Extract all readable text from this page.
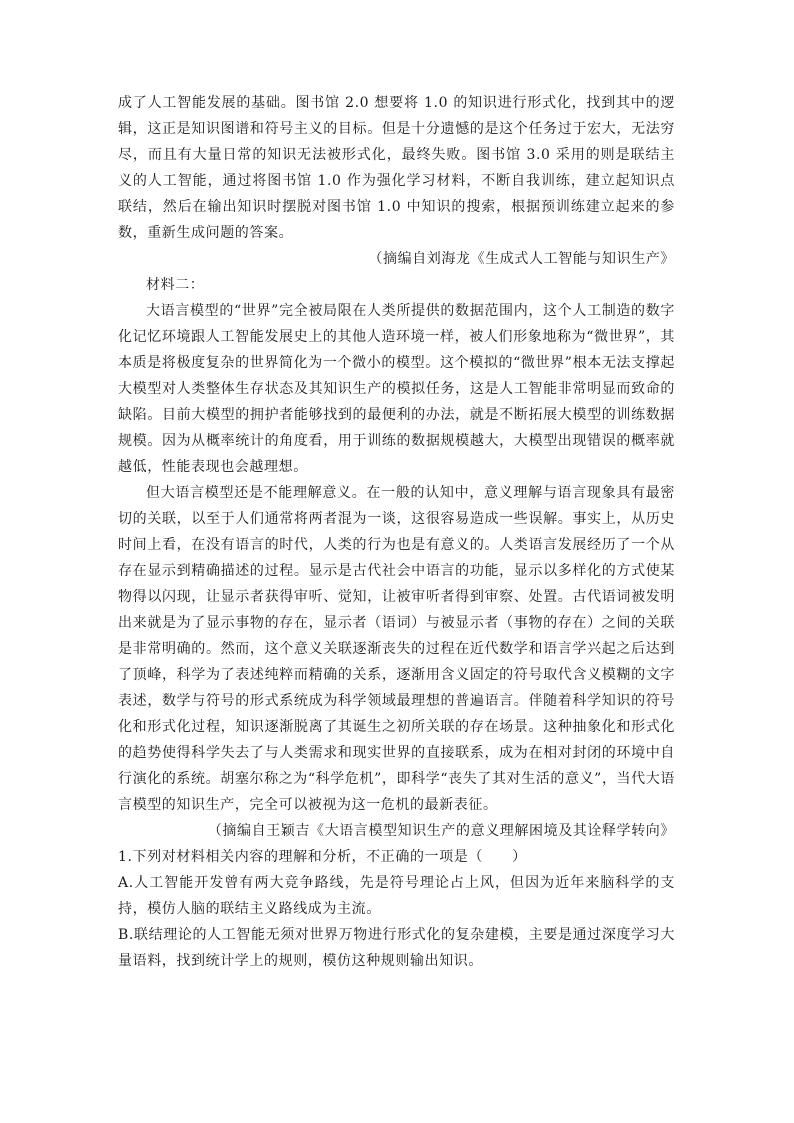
成了人工智能发展的基础。图书馆 2.0 想要将 1.0 的知识进行形式化，找到其中的逻辑，这正是知识图谱和符号主义的目标。但是十分遗憾的是这个任务过于宏大，无法穷尽，而且有大量日常的知识无法被形式化，最终失败。图书馆 3.0 采用的则是联结主义的人工智能，通过将图书馆 1.0 作为强化学习材料，不断自我训练，建立起知识点联结，然后在输出知识时摆脱对图书馆 1.0 中知识的搜索，根据预训练建立起来的参数，重新生成问题的答案。

（摘编自刘海龙《生成式人工智能与知识生产》

材料二：

大语言模型的“世界”完全被局限在人类所提供的数据范围内，这个人工制造的数字化记忆环境跟人工智能发展史上的其他人造环境一样，被人们形象地称为“微世界”，其本质是将极度复杂的世界简化为一个微小的模型。这个模拟的“微世界”根本无法支撑起大模型对人类整体生存状态及其知识生产的模拟任务，这是人工智能非常明显而致命的缺陷。目前大模型的拥护者能够找到的最便利的办法，就是不断拓展大模型的训练数据规模。因为从概率统计的角度看，用于训练的数据规模越大，大模型出现错误的概率就越低，性能表现也会越理想。

但大语言模型还是不能理解意义。在一般的认知中，意义理解与语言现象具有最密切的关联，以至于人们通常将两者混为一谈，这很容易造成一些误解。事实上，从历史时间上看，在没有语言的时代，人类的行为也是有意义的。人类语言发展经历了一个从存在显示到精确描述的过程。显示是古代社会中语言的功能，显示以多样化的方式使某物得以闪现，让显示者获得审听、觉知，让被审听者得到审察、处置。古代语词被发明出来就是为了显示事物的存在，显示者（语词）与被显示者（事物的存在）之间的关联是非常明确的。然而，这个意义关联逐渐丧失的过程在近代数学和语言学兴起之后达到了顶峰，科学为了表述纯粹而精确的关系，逐渐用含义固定的符号取代含义模糊的文字表述，数学与符号的形式系统成为科学领域最理想的普遍语言。伴随着科学知识的符号化和形式化过程，知识逐渐脱离了其诞生之初所关联的存在场景。这种抽象化和形式化的趋势使得科学失去了与人类需求和现实世界的直接联系，成为在相对封闭的环境中自行演化的系统。胡塞尔称之为“科学危机”，即科学“丧失了其对生活的意义”，当代大语言模型的知识生产，完全可以被视为这一危机的最新表征。

（摘编自王颖吉《大语言模型知识生产的意义理解困境及其诠释学转向》

1.下列对材料相关内容的理解和分析，不正确的一项是（　　）

A.人工智能开发曾有两大竞争路线，先是符号理论占上风，但因为近年来脑科学的支持，模仿人脑的联结主义路线成为主流。

B.联结理论的人工智能无须对世界万物进行形式化的复杂建模，主要是通过深度学习大量语料，找到统计学上的规则，模仿这种规则输出知识。
